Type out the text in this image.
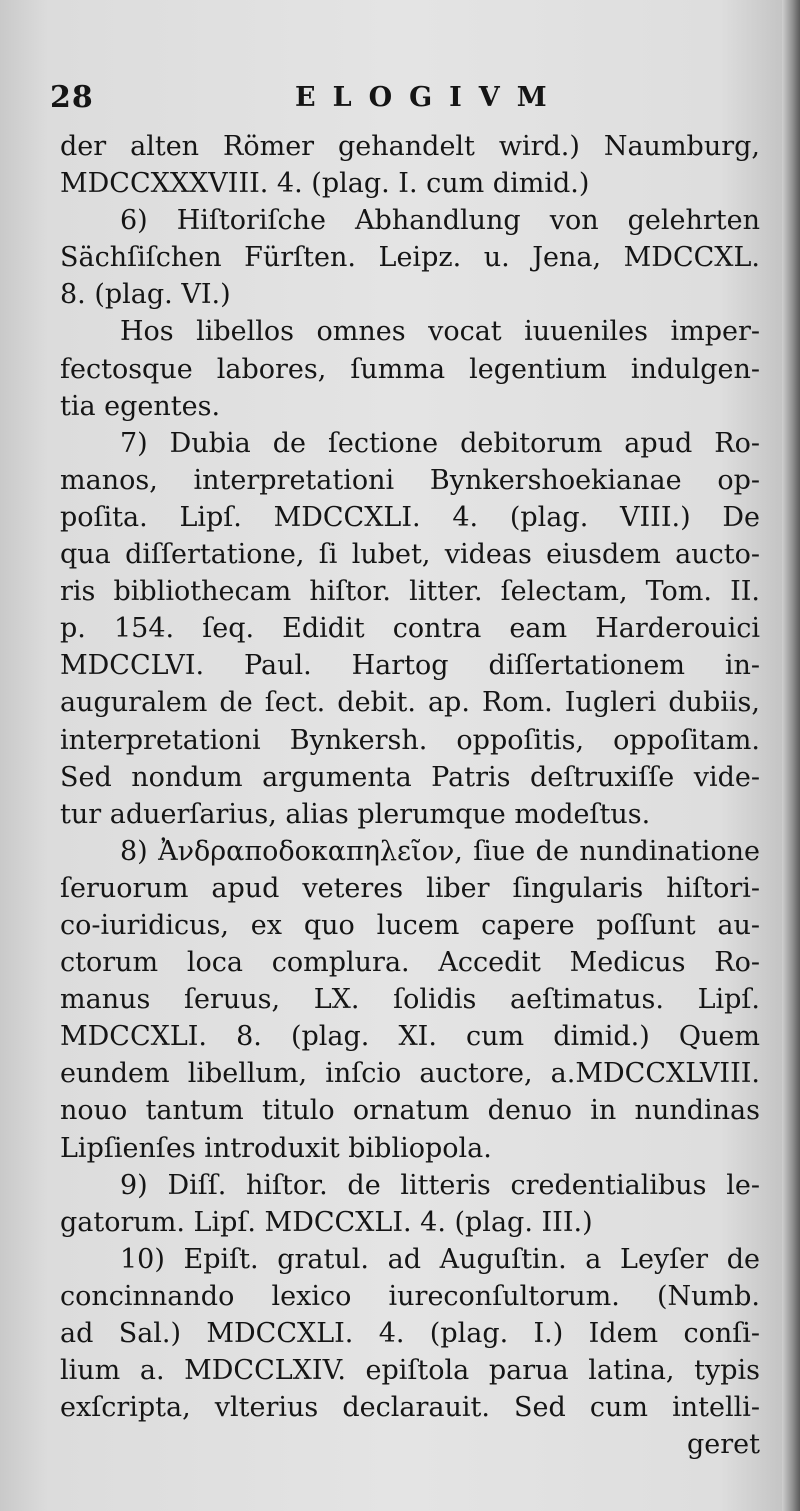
28	ELOGIVM
der alten Römer gehandelt wird.) Naumburg,
MDCCXXXVIII. 4. (plag. I. cum dimid.)
6) Hiſtoriſche Abhandlung von gelehrten
Sächſiſchen Fürſten. Leipz. u. Jena, MDCCXL.
8. (plag. VI.)
Hos libellos omnes vocat iuueniles imper-
fectosque labores, ſumma legentium indulgen-
tia egentes.
7) Dubia de ſectione debitorum apud Ro-
manos, interpretationi Bynkershoekianae op-
poſita. Lipſ. MDCCXLI. 4. (plag. VIII.) De
qua diſſertatione, ſi lubet, videas eiusdem aucto-
ris bibliothecam hiſtor. litter. ſelectam, Tom. II.
p. 154. ſeq. Edidit contra eam Harderouici
MDCCLVI. Paul. Hartog diſſertationem in-
auguralem de ſect. debit. ap. Rom. Iugleri dubiis,
interpretationi Bynkersh. oppoſitis, oppoſitam.
Sed nondum argumenta Patris deſtruxiſſe vide-
tur aduerſarius, alias plerumque modeſtus.
8) Ἀνδραποδοκαπηλεῖον, ſiue de nundinatione
ſeruorum apud veteres liber ſingularis hiſtori-
co-iuridicus, ex quo lucem capere poſſunt au-
ctorum loca complura. Accedit Medicus Ro-
manus ſeruus, LX. ſolidis aeſtimatus. Lipſ.
MDCCXLI. 8. (plag. XI. cum dimid.) Quem
eundem libellum, inſcio auctore, a.MDCCXLVIII.
nouo tantum titulo ornatum denuo in nundinas
Lipſienſes introduxit bibliopola.
9) Diſſ. hiſtor. de litteris credentialibus le-
gatorum. Lipſ. MDCCXLI. 4. (plag. III.)
10) Epiſt. gratul. ad Auguſtin. a Leyſer de
concinnando lexico iureconſultorum. (Numb.
ad Sal.) MDCCXLI. 4. (plag. I.) Idem conſi-
lium a. MDCCLXIV. epiſtola parua latina, typis
exſcripta, vlterius declarauit. Sed cum intelli-
geret
